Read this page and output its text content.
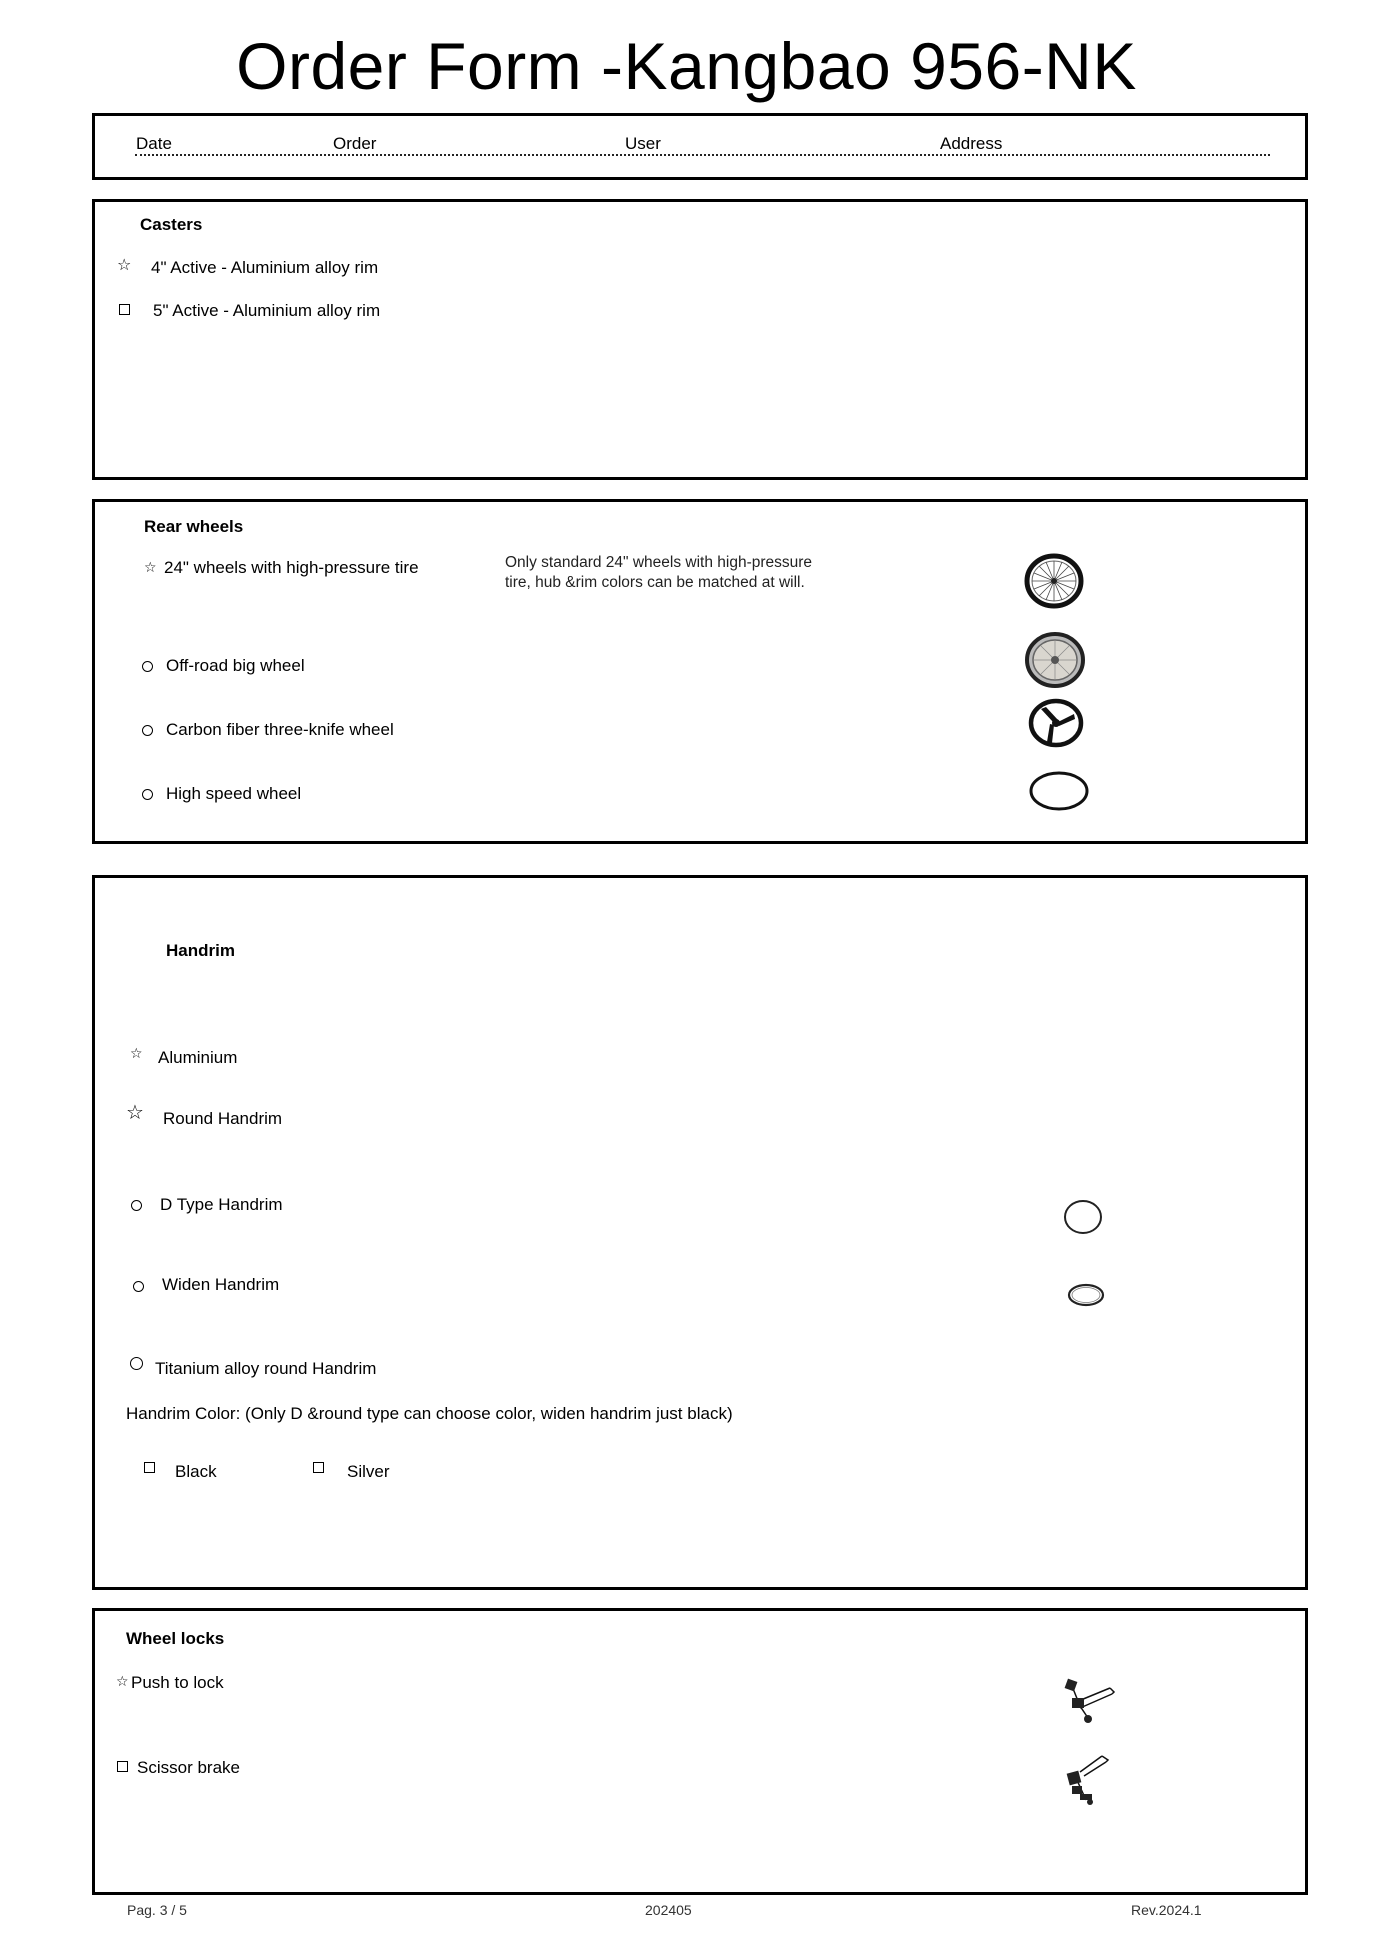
Order Form -Kangbao 956-NK
Date	Order	User	Address
Casters
☆ 4" Active - Aluminium alloy rim
5" Active - Aluminium alloy rim
Rear wheels
☆ 24" wheels with high-pressure tire	Only standard 24" wheels with high-pressure
tire, hub &rim colors can be matched at will.
Off-road big wheel
Carbon fiber three-knife wheel
High speed wheel
Handrim
☆ Aluminium
☆ Round Handrim
D Type Handrim
Widen Handrim
Titanium alloy round Handrim
Handrim Color: (Only D &round type can choose color, widen handrim just black)
Black	Silver
Wheel locks
☆ Push to lock
Scissor brake
Pag. 3 / 5	202405	Rev.2024.1
